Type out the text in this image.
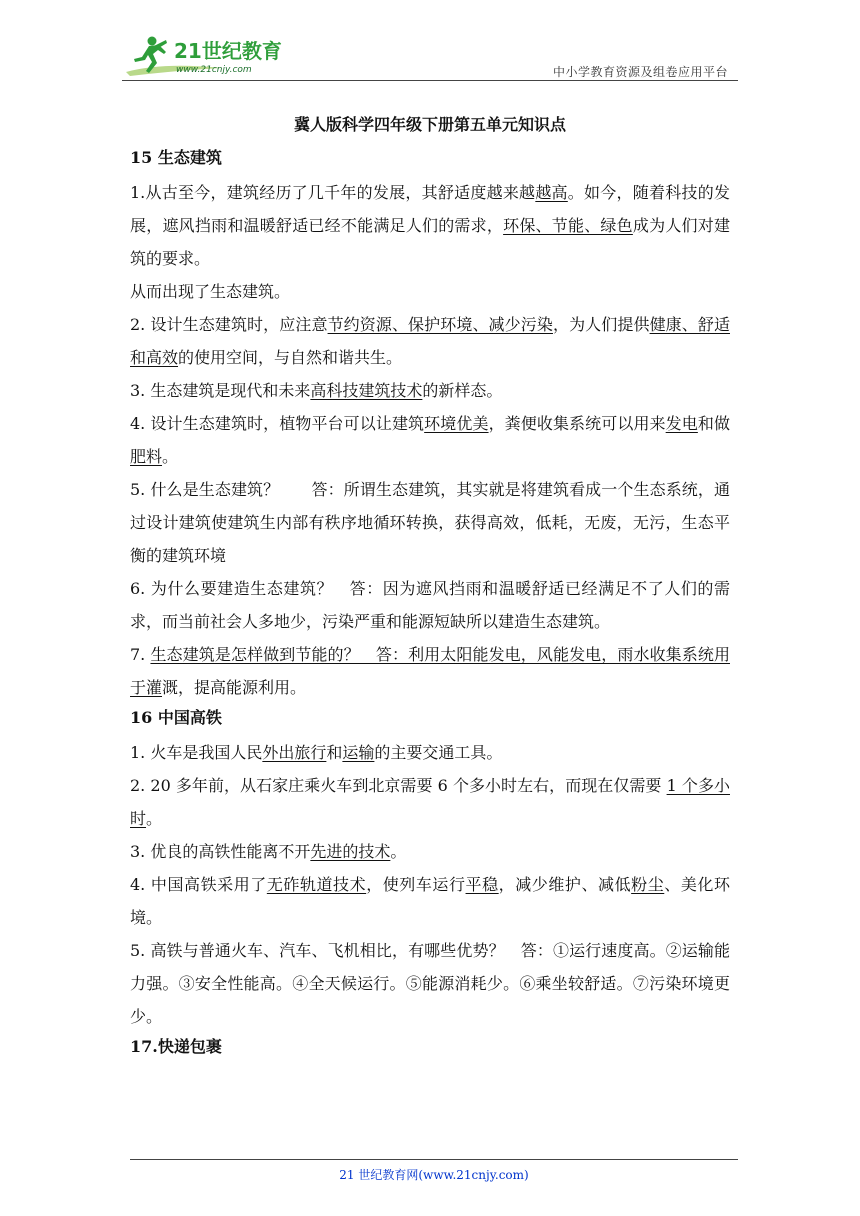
21世纪教育
www.21cnjy.com	中小学教育资源及组卷应用平台
冀人版科学四年级下册第五单元知识点
15 生态建筑

1.从古至今，建筑经历了几千年的发展，其舒适度越来越越高。如今，随着科技的发展，遮风挡雨和温暖舒适已经不能满足人们的需求，环保、节能、绿色成为人们对建筑的要求。

从而出现了生态建筑。

2. 设计生态建筑时，应注意节约资源、保护环境、减少污染，为人们提供健康、舒适和高效的使用空间，与自然和谐共生。

3. 生态建筑是现代和未来高科技建筑技术的新样态。

4. 设计生态建筑时，植物平台可以让建筑环境优美，粪便收集系统可以用来发电和做肥料。

5. 什么是生态建筑？　　答：所谓生态建筑，其实就是将建筑看成一个生态系统，通过设计建筑使建筑生内部有秩序地循环转换，获得高效，低耗，无废，无污，生态平衡的建筑环境

6. 为什么要建造生态建筑？　答：因为遮风挡雨和温暖舒适已经满足不了人们的需求，而当前社会人多地少，污染严重和能源短缺所以建造生态建筑。

7. 生态建筑是怎样做到节能的？　答：利用太阳能发电，风能发电，雨水收集系统用于灌溉，提高能源利用。

16 中国高铁

1. 火车是我国人民外出旅行和运输的主要交通工具。

2. 20 多年前，从石家庄乘火车到北京需要 6 个多小时左右，而现在仅需要 1 个多小时。

3. 优良的高铁性能离不开先进的技术。

4. 中国高铁采用了无砟轨道技术，使列车运行平稳，减少维护、减低粉尘、美化环境。

5. 高铁与普通火车、汽车、飞机相比，有哪些优势？　答：①运行速度高。②运输能力强。③安全性能高。④全天候运行。⑤能源消耗少。⑥乘坐较舒适。⑦污染环境更少。

17.快递包裹
21 世纪教育网(www.21cnjy.com)
